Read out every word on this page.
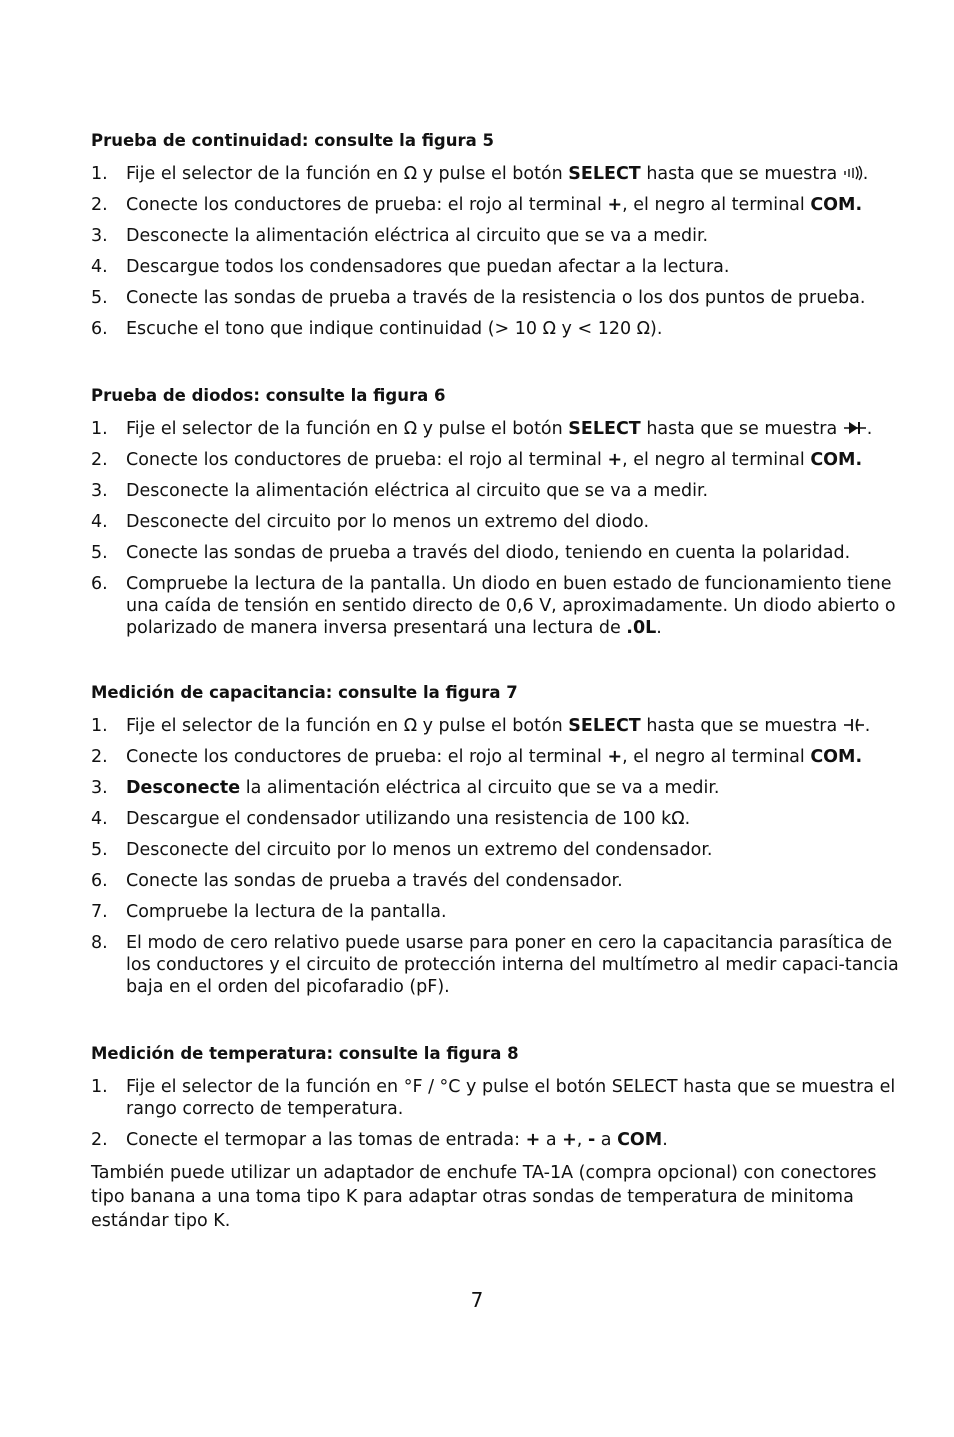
Prueba de continuidad: consulte la figura 5
1. Fije el selector de la función en Ω y pulse el botón SELECT hasta que se muestra .
2. Conecte los conductores de prueba: el rojo al terminal +, el negro al terminal COM.
3. Desconecte la alimentación eléctrica al circuito que se va a medir.
4. Descargue todos los condensadores que puedan afectar a la lectura.
5. Conecte las sondas de prueba a través de la resistencia o los dos puntos de prueba.
6. Escuche el tono que indique continuidad (> 10 Ω y < 120 Ω).
Prueba de diodos: consulte la figura 6
1. Fije el selector de la función en Ω y pulse el botón SELECT hasta que se muestra .
2. Conecte los conductores de prueba: el rojo al terminal +, el negro al terminal COM.
3. Desconecte la alimentación eléctrica al circuito que se va a medir.
4. Desconecte del circuito por lo menos un extremo del diodo.
5. Conecte las sondas de prueba a través del diodo, teniendo en cuenta la polaridad.
6. Compruebe la lectura de la pantalla. Un diodo en buen estado de funcionamiento tiene una caída de tensión en sentido directo de 0,6 V, aproximadamente. Un diodo abierto o polarizado de manera inversa presentará una lectura de .0L.
Medición de capacitancia: consulte la figura 7
1. Fije el selector de la función en Ω y pulse el botón SELECT hasta que se muestra .
2. Conecte los conductores de prueba: el rojo al terminal +, el negro al terminal COM.
3. Desconecte la alimentación eléctrica al circuito que se va a medir.
4. Descargue el condensador utilizando una resistencia de 100 kΩ.
5. Desconecte del circuito por lo menos un extremo del condensador.
6. Conecte las sondas de prueba a través del condensador.
7. Compruebe la lectura de la pantalla.
8. El modo de cero relativo puede usarse para poner en cero la capacitancia parasítica de los conductores y el circuito de protección interna del multímetro al medir capaci-tancia baja en el orden del picofaradio (pF).
Medición de temperatura: consulte la figura 8
1. Fije el selector de la función en °F / °C y pulse el botón SELECT hasta que se muestra el rango correcto de temperatura.
2. Conecte el termopar a las tomas de entrada: + a +, - a COM.
También puede utilizar un adaptador de enchufe TA-1A (compra opcional) con conectores tipo banana a una toma tipo K para adaptar otras sondas de temperatura de minitoma estándar tipo K.
7
